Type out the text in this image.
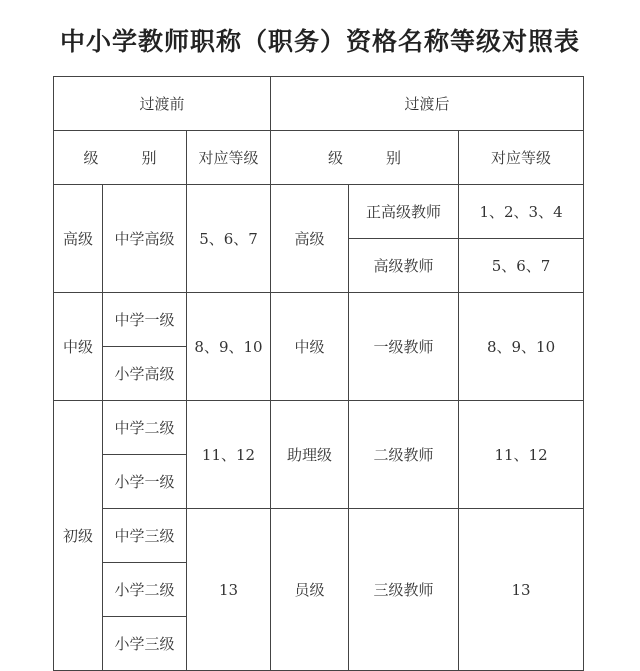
中小学教师职称（职务）资格名称等级对照表
过渡前			过渡后		
级　别		对应等级	级　别		对应等级
高级	中学高级	5、6、7	高级	正高级教师	1、2、3、4
				高级教师	5、6、7
中级	中学一级	8、9、10	中级	一级教师	8、9、10
	小学高级				
初级	中学二级	11、12	助理级	二级教师	11、12
	小学一级				
	中学三级	13	员级	三级教师	13
	小学二级				
	小学三级				
